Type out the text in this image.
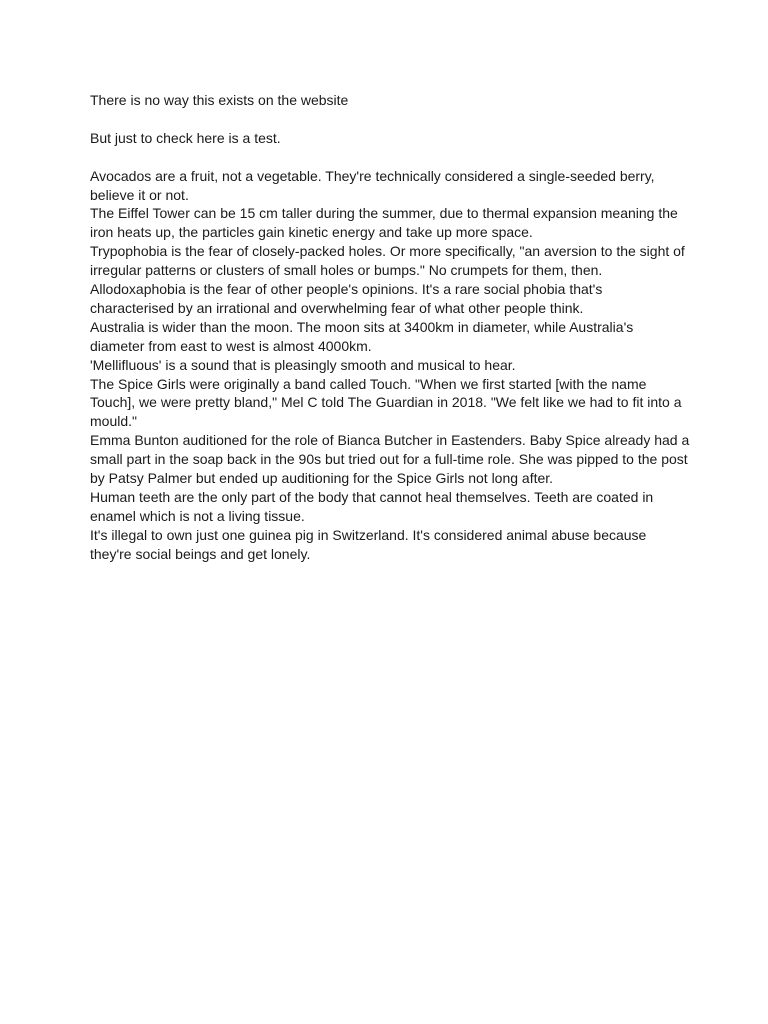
There is no way this exists on the website

But just to check here is a test.

Avocados are a fruit, not a vegetable. They're technically considered a single-seeded berry, believe it or not.

The Eiffel Tower can be 15 cm taller during the summer, due to thermal expansion meaning the iron heats up, the particles gain kinetic energy and take up more space.

Trypophobia is the fear of closely-packed holes. Or more specifically, "an aversion to the sight of irregular patterns or clusters of small holes or bumps." No crumpets for them, then.

Allodoxaphobia is the fear of other people's opinions. It's a rare social phobia that's characterised by an irrational and overwhelming fear of what other people think.

Australia is wider than the moon. The moon sits at 3400km in diameter, while Australia's diameter from east to west is almost 4000km.

'Mellifluous' is a sound that is pleasingly smooth and musical to hear.

The Spice Girls were originally a band called Touch. "When we first started [with the name Touch], we were pretty bland," Mel C told The Guardian in 2018. "We felt like we had to fit into a mould."

Emma Bunton auditioned for the role of Bianca Butcher in Eastenders. Baby Spice already had a small part in the soap back in the 90s but tried out for a full-time role. She was pipped to the post by Patsy Palmer but ended up auditioning for the Spice Girls not long after.

Human teeth are the only part of the body that cannot heal themselves. Teeth are coated in enamel which is not a living tissue.

It's illegal to own just one guinea pig in Switzerland. It's considered animal abuse because they're social beings and get lonely.
